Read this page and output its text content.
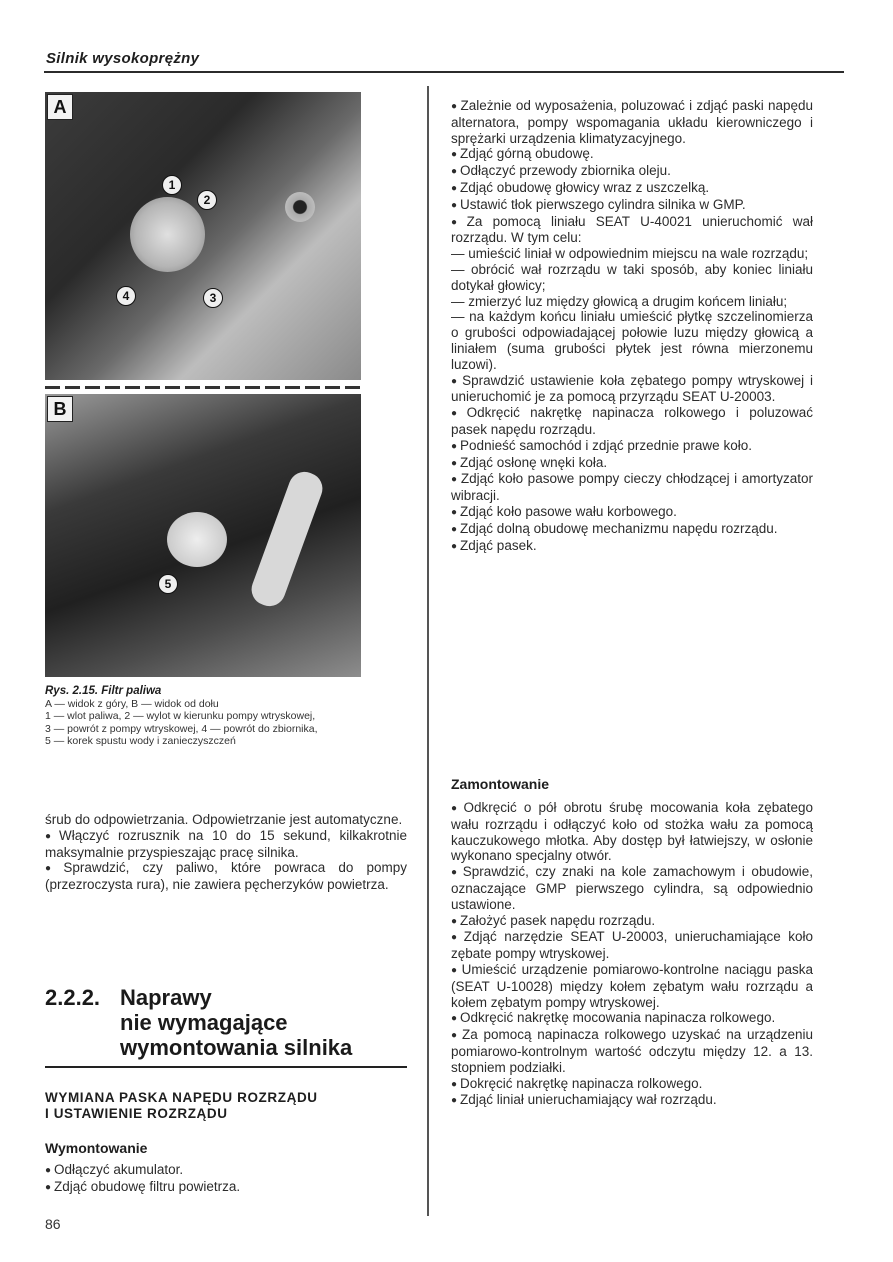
Silnik wysokoprężny
A
1
2
3
4
B
5
Rys. 2.15. Filtr paliwa
A — widok z góry, B — widok od dołu
1 — wlot paliwa, 2 — wylot w kierunku pompy wtryskowej,
3 — powrót z pompy wtryskowej, 4 — powrót do zbiornika,
5 — korek spustu wody i zanieczyszczeń

śrub do odpowietrzania. Odpowietrzanie jest automatyczne.

● Włączyć rozrusznik na 10 do 15 sekund, kilkakrotnie maksymalnie przyspieszając pracę silnika.

● Sprawdzić, czy paliwo, które powraca do pompy (przezroczysta rura), nie zawiera pęcherzyków powietrza.

2.2.2. Naprawy
nie wymagające
wymontowania silnika
WYMIANA PASKA NAPĘDU ROZRZĄDU
I USTAWIENIE ROZRZĄDU
Wymontowanie

● Odłączyć akumulator.

● Zdjąć obudowę filtru powietrza.

86

● Zależnie od wyposażenia, poluzować i zdjąć paski napędu alternatora, pompy wspomagania układu kierowniczego i sprężarki urządzenia klimatyzacyjnego.

● Zdjąć górną obudowę.

● Odłączyć przewody zbiornika oleju.

● Zdjąć obudowę głowicy wraz z uszczelką.

● Ustawić tłok pierwszego cylindra silnika w GMP.

● Za pomocą liniału SEAT U-40021 unieruchomić wał rozrządu. W tym celu:

— umieścić liniał w odpowiednim miejscu na wale rozrządu;

— obrócić wał rozrządu w taki sposób, aby koniec liniału dotykał głowicy;

— zmierzyć luz między głowicą a drugim końcem liniału;

— na każdym końcu liniału umieścić płytkę szczelinomierza o grubości odpowiadającej połowie luzu między głowicą a liniałem (suma grubości płytek jest równa mierzonemu luzowi).

● Sprawdzić ustawienie koła zębatego pompy wtryskowej i unieruchomić je za pomocą przyrządu SEAT U-20003.

● Odkręcić nakrętkę napinacza rolkowego i poluzować pasek napędu rozrządu.

● Podnieść samochód i zdjąć przednie prawe koło.

● Zdjąć osłonę wnęki koła.

● Zdjąć koło pasowe pompy cieczy chłodzącej i amortyzator wibracji.

● Zdjąć koło pasowe wału korbowego.

● Zdjąć dolną obudowę mechanizmu napędu rozrządu.

● Zdjąć pasek.

Zamontowanie

● Odkręcić o pół obrotu śrubę mocowania koła zębatego wału rozrządu i odłączyć koło od stożka wału za pomocą kauczukowego młotka. Aby dostęp był łatwiejszy, w osłonie wykonano specjalny otwór.

● Sprawdzić, czy znaki na kole zamachowym i obudowie, oznaczające GMP pierwszego cylindra, są odpowiednio ustawione.

● Założyć pasek napędu rozrządu.

● Zdjąć narzędzie SEAT U-20003, unieruchamiające koło zębate pompy wtryskowej.

● Umieścić urządzenie pomiarowo-kontrolne naciągu paska (SEAT U-10028) między kołem zębatym wału rozrządu a kołem zębatym pompy wtryskowej.

● Odkręcić nakrętkę mocowania napinacza rolkowego.

● Za pomocą napinacza rolkowego uzyskać na urządzeniu pomiarowo-kontrolnym wartość odczytu między 12. a 13. stopniem podziałki.

● Dokręcić nakrętkę napinacza rolkowego.

● Zdjąć liniał unieruchamiający wał rozrządu.
